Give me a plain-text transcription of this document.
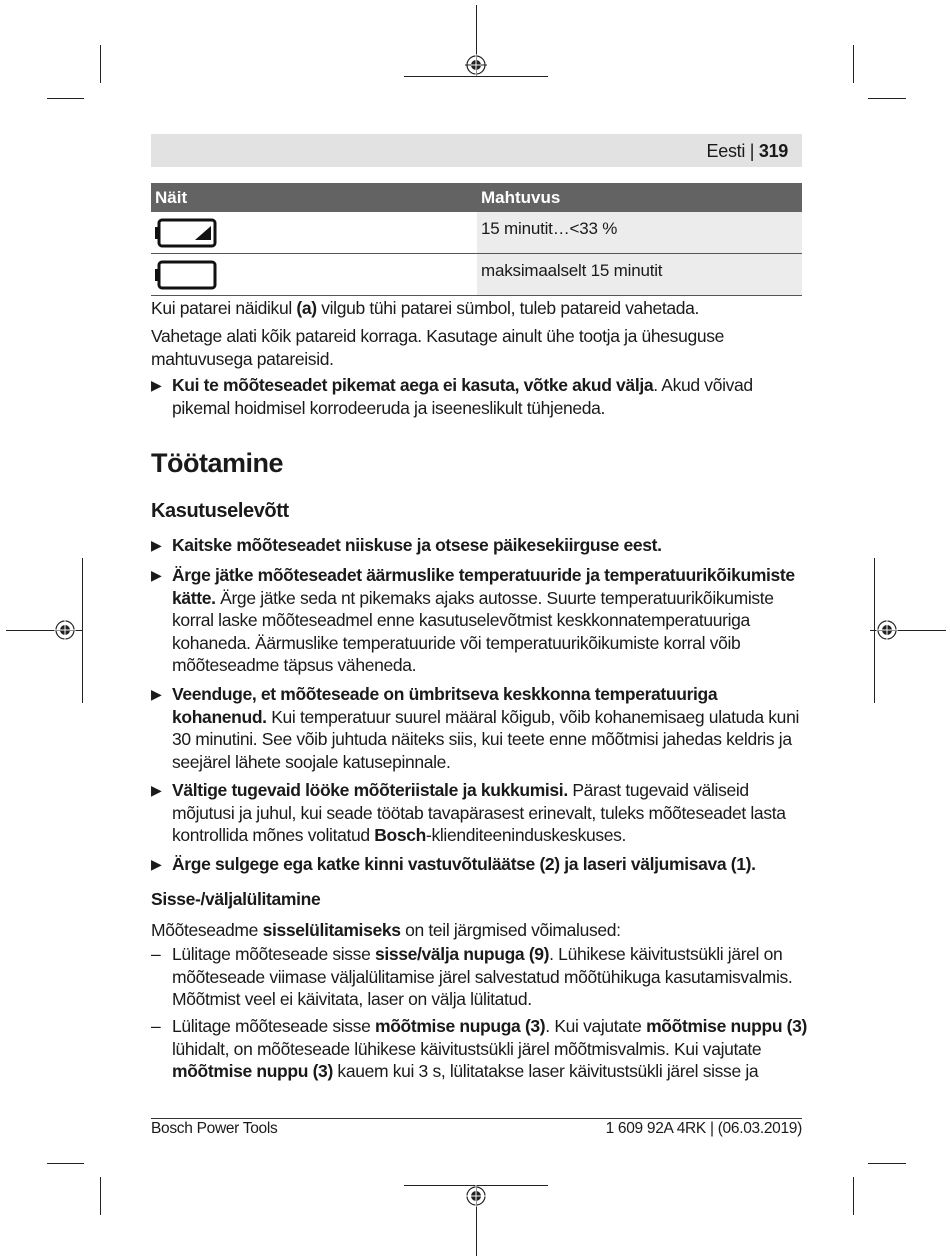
Eesti | 319
Näit	Mahtuvus
15 minutit…<33 %
maksimaalselt 15 minutit
Kui patarei näidikul (a) vilgub tühi patarei sümbol, tuleb patareid vahetada.
Vahetage alati kõik patareid korraga. Kasutage ainult ühe tootja ja ühesuguse
mahtuvusega patareisid.
▶ Kui te mõõteseadet pikemat aega ei kasuta, võtke akud välja. Akud võivad
pikemal hoidmisel korrodeeruda ja iseeneslikult tühjeneda.
Töötamine
Kasutuselevõtt
▶ Kaitske mõõteseadet niiskuse ja otsese päikesekiirguse eest.
▶ Ärge jätke mõõteseadet äärmuslike temperatuuride ja temperatuurikõikumiste
kätte. Ärge jätke seda nt pikemaks ajaks autosse. Suurte temperatuurikõikumiste
korral laske mõõteseadmel enne kasutuselevõtmist keskkonnatemperatuuriga
kohaneda. Äärmuslike temperatuuride või temperatuurikõikumiste korral võib
mõõteseadme täpsus väheneda.
▶ Veenduge, et mõõteseade on ümbritseva keskkonna temperatuuriga
kohanenud. Kui temperatuur suurel määral kõigub, võib kohanemisaeg ulatuda kuni
30 minutini. See võib juhtuda näiteks siis, kui teete enne mõõtmisi jahedas keldris ja
seejärel lähete soojale katusepinnale.
▶ Vältige tugevaid lööke mõõteriistale ja kukkumisi. Pärast tugevaid väliseid
mõjutusi ja juhul, kui seade töötab tavapärasest erinevalt, tuleks mõõteseadet lasta
kontrollida mõnes volitatud Bosch-klienditeeninduskeskuses.
▶ Ärge sulgege ega katke kinni vastuvõtuläätse (2) ja laseri väljumisava (1).
Sisse-/väljalülitamine
Mõõteseadme sisselülitamiseks on teil järgmised võimalused:
– Lülitage mõõteseade sisse sisse/välja nupuga (9). Lühikese käivitustsükli järel on
mõõteseade viimase väljalülitamise järel salvestatud mõõtühikuga kasutamisvalmis.
Mõõtmist veel ei käivitata, laser on välja lülitatud.
– Lülitage mõõteseade sisse mõõtmise nupuga (3). Kui vajutate mõõtmise nuppu (3)
lühidalt, on mõõteseade lühikese käivitustsükli järel mõõtmisvalmis. Kui vajutate
mõõtmise nuppu (3) kauem kui 3 s, lülitatakse laser käivitustsükli järel sisse ja
Bosch Power Tools	1 609 92A 4RK | (06.03.2019)
